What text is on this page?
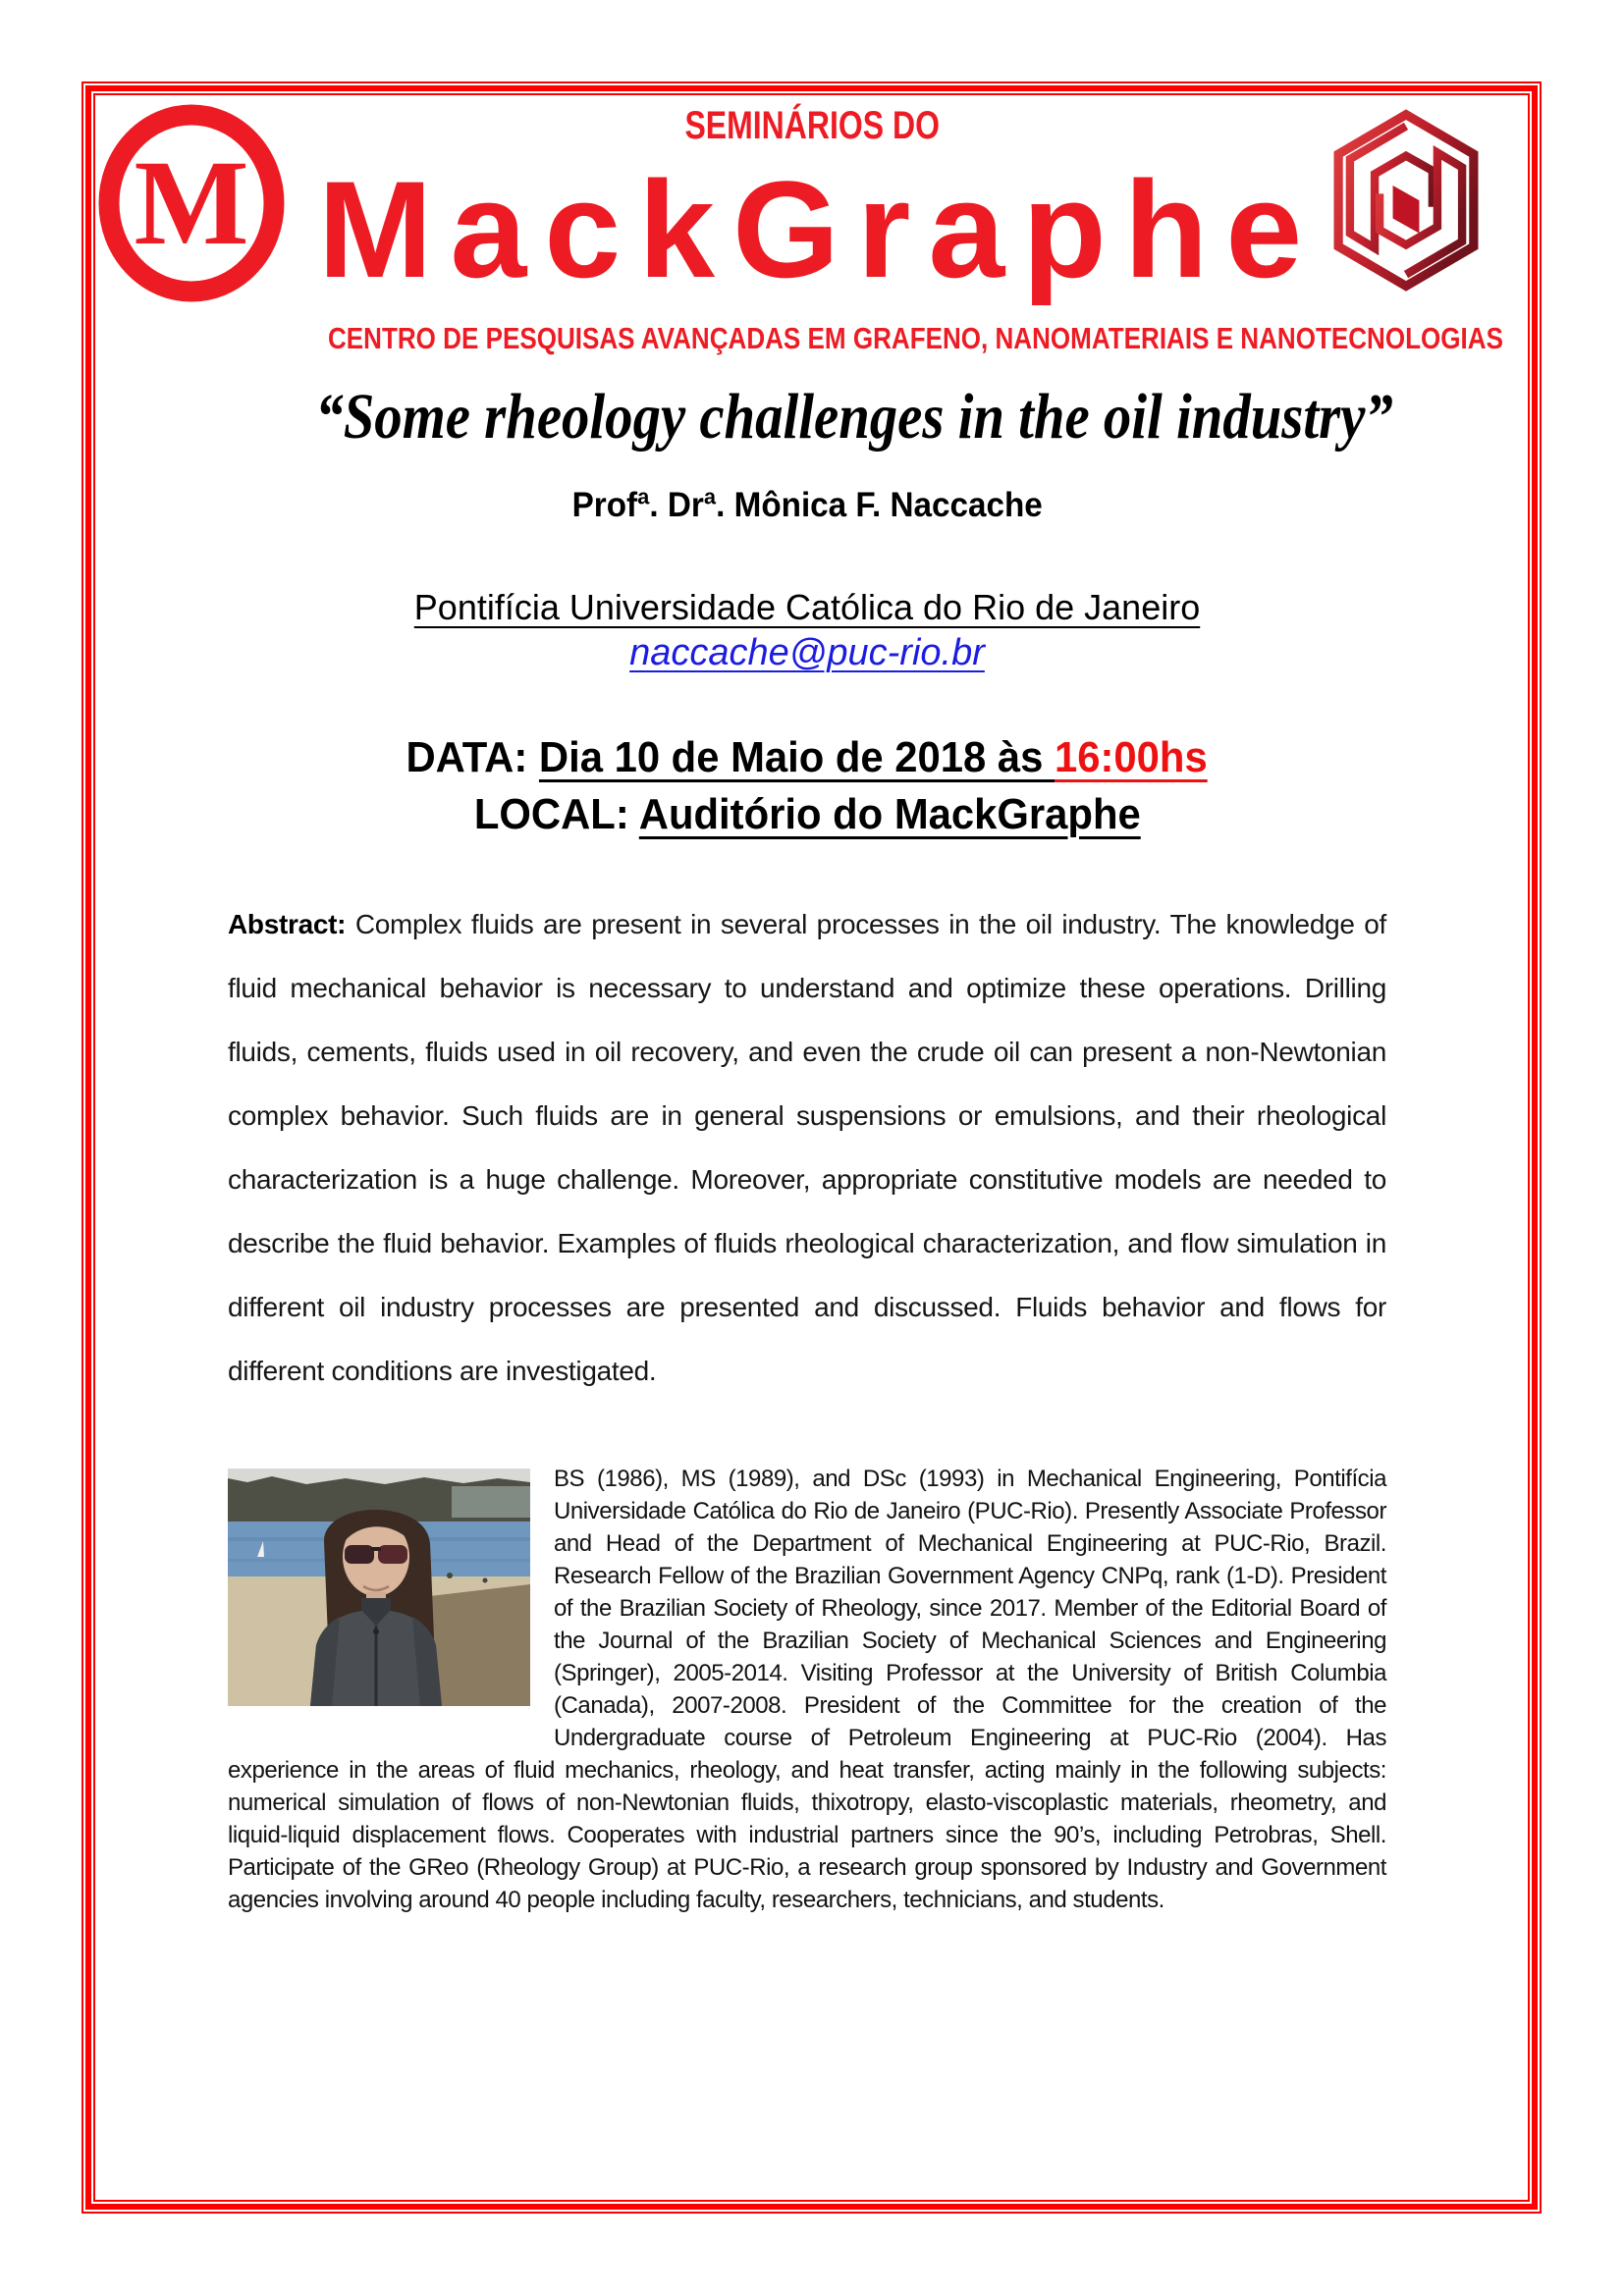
M
SEMINÁRIOS DO
MackGraphe
CENTRO DE PESQUISAS AVANÇADAS EM GRAFENO, NANOMATERIAIS E NANOTECNOLOGIAS
“Some rheology challenges in the oil industry”
Profª. Drª. Mônica F. Naccache
Pontifícia Universidade Católica do Rio de Janeiro
naccache@puc-rio.br
DATA: Dia 10 de Maio de 2018 às 16:00hs
LOCAL: Auditório do MackGraphe

Abstract: Complex fluids are present in several processes in the oil industry. The knowledge of fluid mechanical behavior is necessary to understand and optimize these operations. Drilling fluids, cements, fluids used in oil recovery, and even the crude oil can present a non-Newtonian complex behavior. Such fluids are in general suspensions or emulsions, and their rheological characterization is a huge challenge. Moreover, appropriate constitutive models are needed to describe the fluid behavior. Examples of fluids rheological characterization, and flow simulation in different oil industry processes are presented and discussed. Fluids behavior and flows for different conditions are investigated.

BS (1986), MS (1989), and DSc (1993) in Mechanical Engineering, Pontifícia Universidade Católica do Rio de Janeiro (PUC-Rio). Presently Associate Professor and Head of the Department of Mechanical Engineering at PUC-Rio, Brazil. Research Fellow of the Brazilian Government Agency CNPq, rank (1-D). President of the Brazilian Society of Rheology, since 2017. Member of the Editorial Board of the Journal of the Brazilian Society of Mechanical Sciences and Engineering (Springer), 2005-2014. Visiting Professor at the University of British Columbia (Canada), 2007-2008. President of the Committee for the creation of the Undergraduate course of Petroleum Engineering at PUC-Rio (2004). Has experience in the areas of fluid mechanics, rheology, and heat transfer, acting mainly in the following subjects: numerical simulation of flows of non-Newtonian fluids, thixotropy, elasto-viscoplastic materials, rheometry, and liquid-liquid displacement flows. Cooperates with industrial partners since the 90’s, including Petrobras, Shell. Participate of the GReo (Rheology Group) at PUC-Rio, a research group sponsored by Industry and Government agencies involving around 40 people including faculty, researchers, technicians, and students.
